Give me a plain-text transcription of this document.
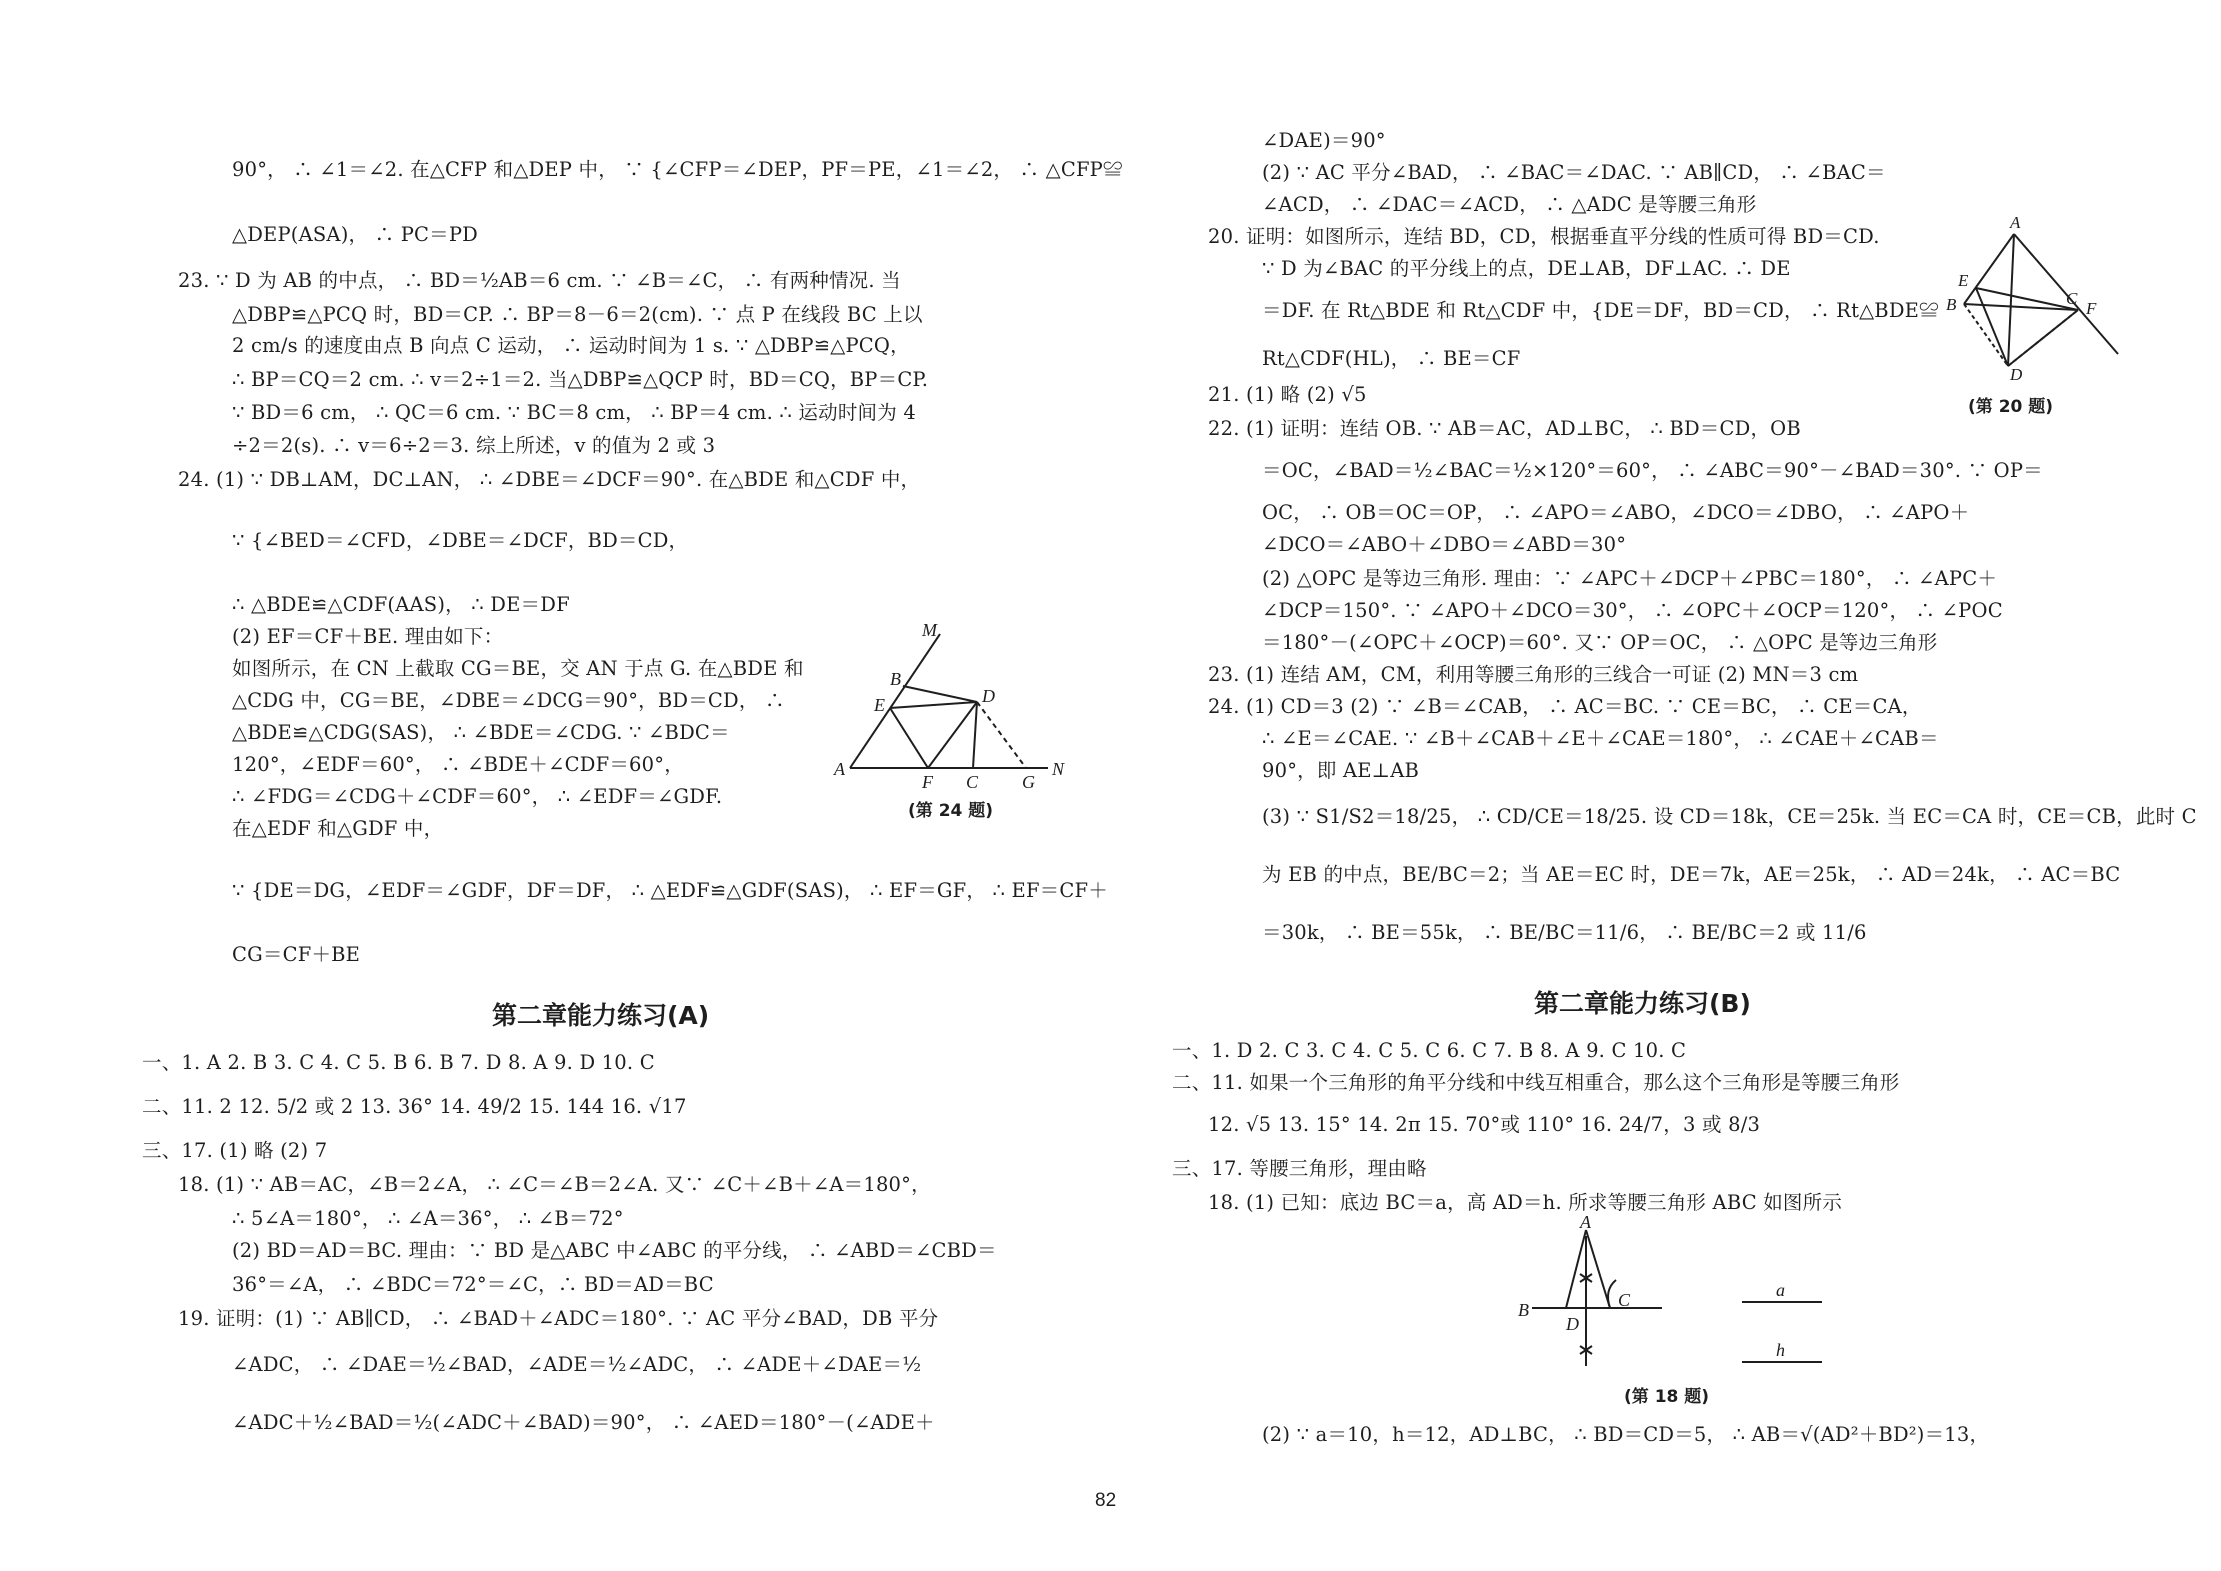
90°， ∴ ∠1＝∠2. 在△CFP 和△DEP 中， ∵ {∠CFP＝∠DEP，PF＝PE，∠1＝∠2， ∴ △CFP≌
△DEP(ASA)， ∴ PC＝PD
23. ∵ D 为 AB 的中点， ∴ BD＝½AB＝6 cm. ∵ ∠B＝∠C， ∴ 有两种情况. 当
△DBP≌△PCQ 时，BD＝CP. ∴ BP＝8－6＝2(cm). ∵ 点 P 在线段 BC 上以
2 cm/s 的速度由点 B 向点 C 运动， ∴ 运动时间为 1 s. ∵ △DBP≌△PCQ，
∴ BP＝CQ＝2 cm. ∴ v＝2÷1＝2. 当△DBP≌△QCP 时，BD＝CQ，BP＝CP.
∵ BD＝6 cm， ∴ QC＝6 cm. ∵ BC＝8 cm， ∴ BP＝4 cm. ∴ 运动时间为 4
÷2＝2(s). ∴ v＝6÷2＝3. 综上所述，v 的值为 2 或 3
24. (1) ∵ DB⊥AM，DC⊥AN， ∴ ∠DBE＝∠DCF＝90°. 在△BDE 和△CDF 中，
∵ {∠BED＝∠CFD，∠DBE＝∠DCF，BD＝CD，
∴ △BDE≌△CDF(AAS)， ∴ DE＝DF
(2) EF＝CF＋BE. 理由如下：
如图所示，在 CN 上截取 CG＝BE，交 AN 于点 G. 在△BDE 和
△CDG 中，CG＝BE，∠DBE＝∠DCG＝90°，BD＝CD， ∴
△BDE≌△CDG(SAS)， ∴ ∠BDE＝∠CDG. ∵ ∠BDC＝
120°，∠EDF＝60°， ∴ ∠BDE＋∠CDF＝60°，
∴ ∠FDG＝∠CDG＋∠CDF＝60°， ∴ ∠EDF＝∠GDF.
在△EDF 和△GDF 中，
∵ {DE＝DG，∠EDF＝∠GDF，DF＝DF， ∴ △EDF≌△GDF(SAS)， ∴ EF＝GF， ∴ EF＝CF＋
CG＝CF＋BE
M
B
E	D
A
F C G
N
(第 24 题)
第二章能力练习(A)
一、1. A 2. B 3. C 4. C 5. B 6. B 7. D 8. A 9. D 10. C
二、11. 2 12. 5/2 或 2 13. 36° 14. 49/2 15. 144 16. √17
三、17. (1) 略 (2) 7
18. (1) ∵ AB＝AC，∠B＝2∠A， ∴ ∠C＝∠B＝2∠A. 又∵ ∠C＋∠B＋∠A＝180°，
∴ 5∠A＝180°， ∴ ∠A＝36°， ∴ ∠B＝72°
(2) BD＝AD＝BC. 理由：∵ BD 是△ABC 中∠ABC 的平分线， ∴ ∠ABD＝∠CBD＝
36°＝∠A， ∴ ∠BDC＝72°＝∠C，∴ BD＝AD＝BC
19. 证明：(1) ∵ AB∥CD， ∴ ∠BAD＋∠ADC＝180°. ∵ AC 平分∠BAD，DB 平分
∠ADC， ∴ ∠DAE＝½∠BAD，∠ADE＝½∠ADC， ∴ ∠ADE＋∠DAE＝½
∠ADC＋½∠BAD＝½(∠ADC＋∠BAD)＝90°， ∴ ∠AED＝180°－(∠ADE＋
∠DAE)＝90°
(2) ∵ AC 平分∠BAD， ∴ ∠BAC＝∠DAC. ∵ AB∥CD， ∴ ∠BAC＝
∠ACD， ∴ ∠DAC＝∠ACD， ∴ △ADC 是等腰三角形
20. 证明：如图所示，连结 BD，CD，根据垂直平分线的性质可得 BD＝CD.
∵ D 为∠BAC 的平分线上的点，DE⊥AB，DF⊥AC. ∴ DE
＝DF. 在 Rt△BDE 和 Rt△CDF 中，{DE＝DF，BD＝CD， ∴ Rt△BDE≌
Rt△CDF(HL)， ∴ BE＝CF
21. (1) 略 (2) √5
22. (1) 证明：连结 OB. ∵ AB＝AC，AD⊥BC， ∴ BD＝CD，OB
＝OC，∠BAD＝½∠BAC＝½×120°＝60°， ∴ ∠ABC＝90°－∠BAD＝30°. ∵ OP＝
OC， ∴ OB＝OC＝OP， ∴ ∠APO＝∠ABO，∠DCO＝∠DBO， ∴ ∠APO＋
∠DCO＝∠ABO＋∠DBO＝∠ABD＝30°
(2) △OPC 是等边三角形. 理由：∵ ∠APC＋∠DCP＋∠PBC＝180°， ∴ ∠APC＋
∠DCP＝150°. ∵ ∠APO＋∠DCO＝30°， ∴ ∠OPC＋∠OCP＝120°， ∴ ∠POC
＝180°－(∠OPC＋∠OCP)＝60°. 又∵ OP＝OC， ∴ △OPC 是等边三角形
23. (1) 连结 AM，CM，利用等腰三角形的三线合一可证 (2) MN＝3 cm
24. (1) CD＝3 (2) ∵ ∠B＝∠CAB， ∴ AC＝BC. ∵ CE＝BC， ∴ CE＝CA，
∴ ∠E＝∠CAE. ∵ ∠B＋∠CAB＋∠E＋∠CAE＝180°， ∴ ∠CAE＋∠CAB＝
90°，即 AE⊥AB
(3) ∵ S1/S2＝18/25， ∴ CD/CE＝18/25. 设 CD＝18k，CE＝25k. 当 EC＝CA 时，CE＝CB，此时 C
为 EB 的中点，BE/BC＝2；当 AE＝EC 时，DE＝7k，AE＝25k， ∴ AD＝24k， ∴ AC＝BC
＝30k， ∴ BE＝55k， ∴ BE/BC＝11/6， ∴ BE/BC＝2 或 11/6
A
E
B	C
F
D
(第 20 题)
第二章能力练习(B)
一、1. D 2. C 3. C 4. C 5. C 6. C 7. B 8. A 9. C 10. C
二、11. 如果一个三角形的角平分线和中线互相重合，那么这个三角形是等腰三角形
12. √5 13. 15° 14. 2π 15. 70°或 110° 16. 24/7，3 或 8/3
三、17. 等腰三角形，理由略
18. (1) 已知：底边 BC＝a，高 AD＝h. 所求等腰三角形 ABC 如图所示
A
B	C
D
a
h
(第 18 题)
(2) ∵ a＝10，h＝12，AD⊥BC， ∴ BD＝CD＝5， ∴ AB＝√(AD²＋BD²)＝13，
82
